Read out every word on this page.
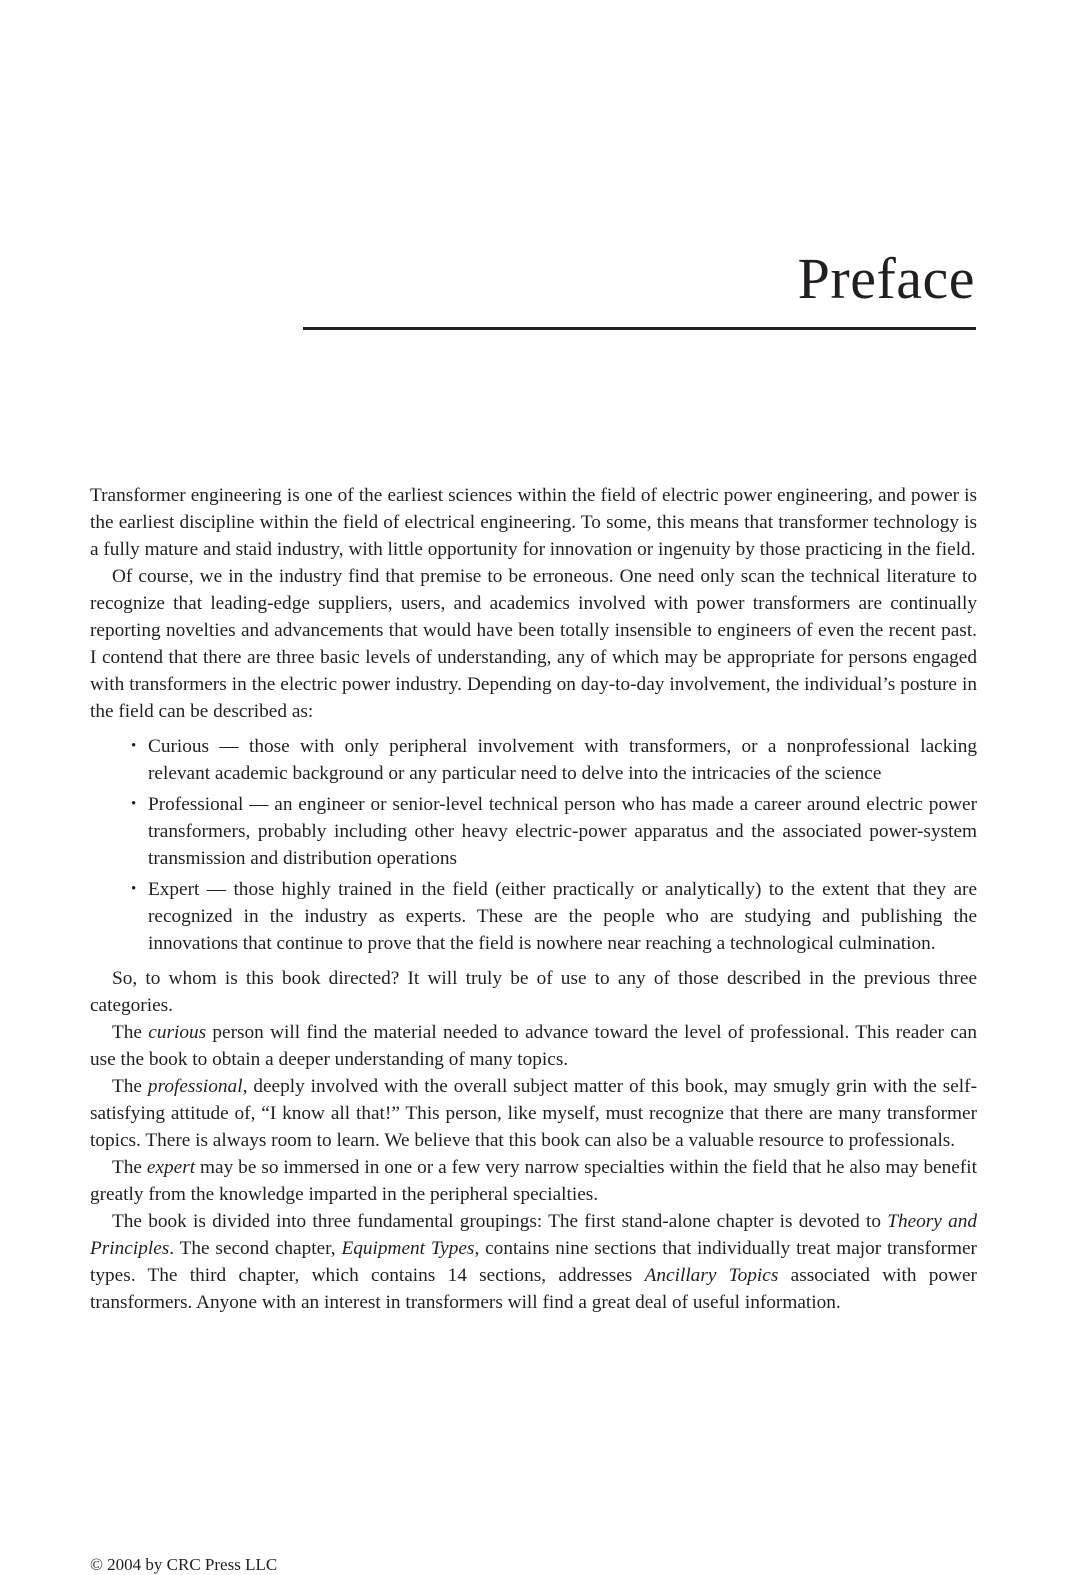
Preface

Transformer engineering is one of the earliest sciences within the field of electric power engineering, and power is the earliest discipline within the field of electrical engineering. To some, this means that transformer technology is a fully mature and staid industry, with little opportunity for innovation or ingenuity by those practicing in the field.

Of course, we in the industry find that premise to be erroneous. One need only scan the technical literature to recognize that leading-edge suppliers, users, and academics involved with power transformers are continually reporting novelties and advancements that would have been totally insensible to engineers of even the recent past. I contend that there are three basic levels of understanding, any of which may be appropriate for persons engaged with transformers in the electric power industry. Depending on day-to-day involvement, the individual’s posture in the field can be described as:

• Curious — those with only peripheral involvement with transformers, or a nonprofessional lacking relevant academic background or any particular need to delve into the intricacies of the science
• Professional — an engineer or senior-level technical person who has made a career around electric power transformers, probably including other heavy electric-power apparatus and the associated power-system transmission and distribution operations
• Expert — those highly trained in the field (either practically or analytically) to the extent that they are recognized in the industry as experts. These are the people who are studying and publishing the innovations that continue to prove that the field is nowhere near reaching a technological culmination.

So, to whom is this book directed? It will truly be of use to any of those described in the previous three categories.

The curious person will find the material needed to advance toward the level of professional. This reader can use the book to obtain a deeper understanding of many topics.

The professional, deeply involved with the overall subject matter of this book, may smugly grin with the self-satisfying attitude of, “I know all that!” This person, like myself, must recognize that there are many transformer topics. There is always room to learn. We believe that this book can also be a valuable resource to professionals.

The expert may be so immersed in one or a few very narrow specialties within the field that he also may benefit greatly from the knowledge imparted in the peripheral specialties.

The book is divided into three fundamental groupings: The first stand-alone chapter is devoted to Theory and Principles. The second chapter, Equipment Types, contains nine sections that individually treat major transformer types. The third chapter, which contains 14 sections, addresses Ancillary Topics associated with power transformers. Anyone with an interest in transformers will find a great deal of useful information.

© 2004 by CRC Press LLC
